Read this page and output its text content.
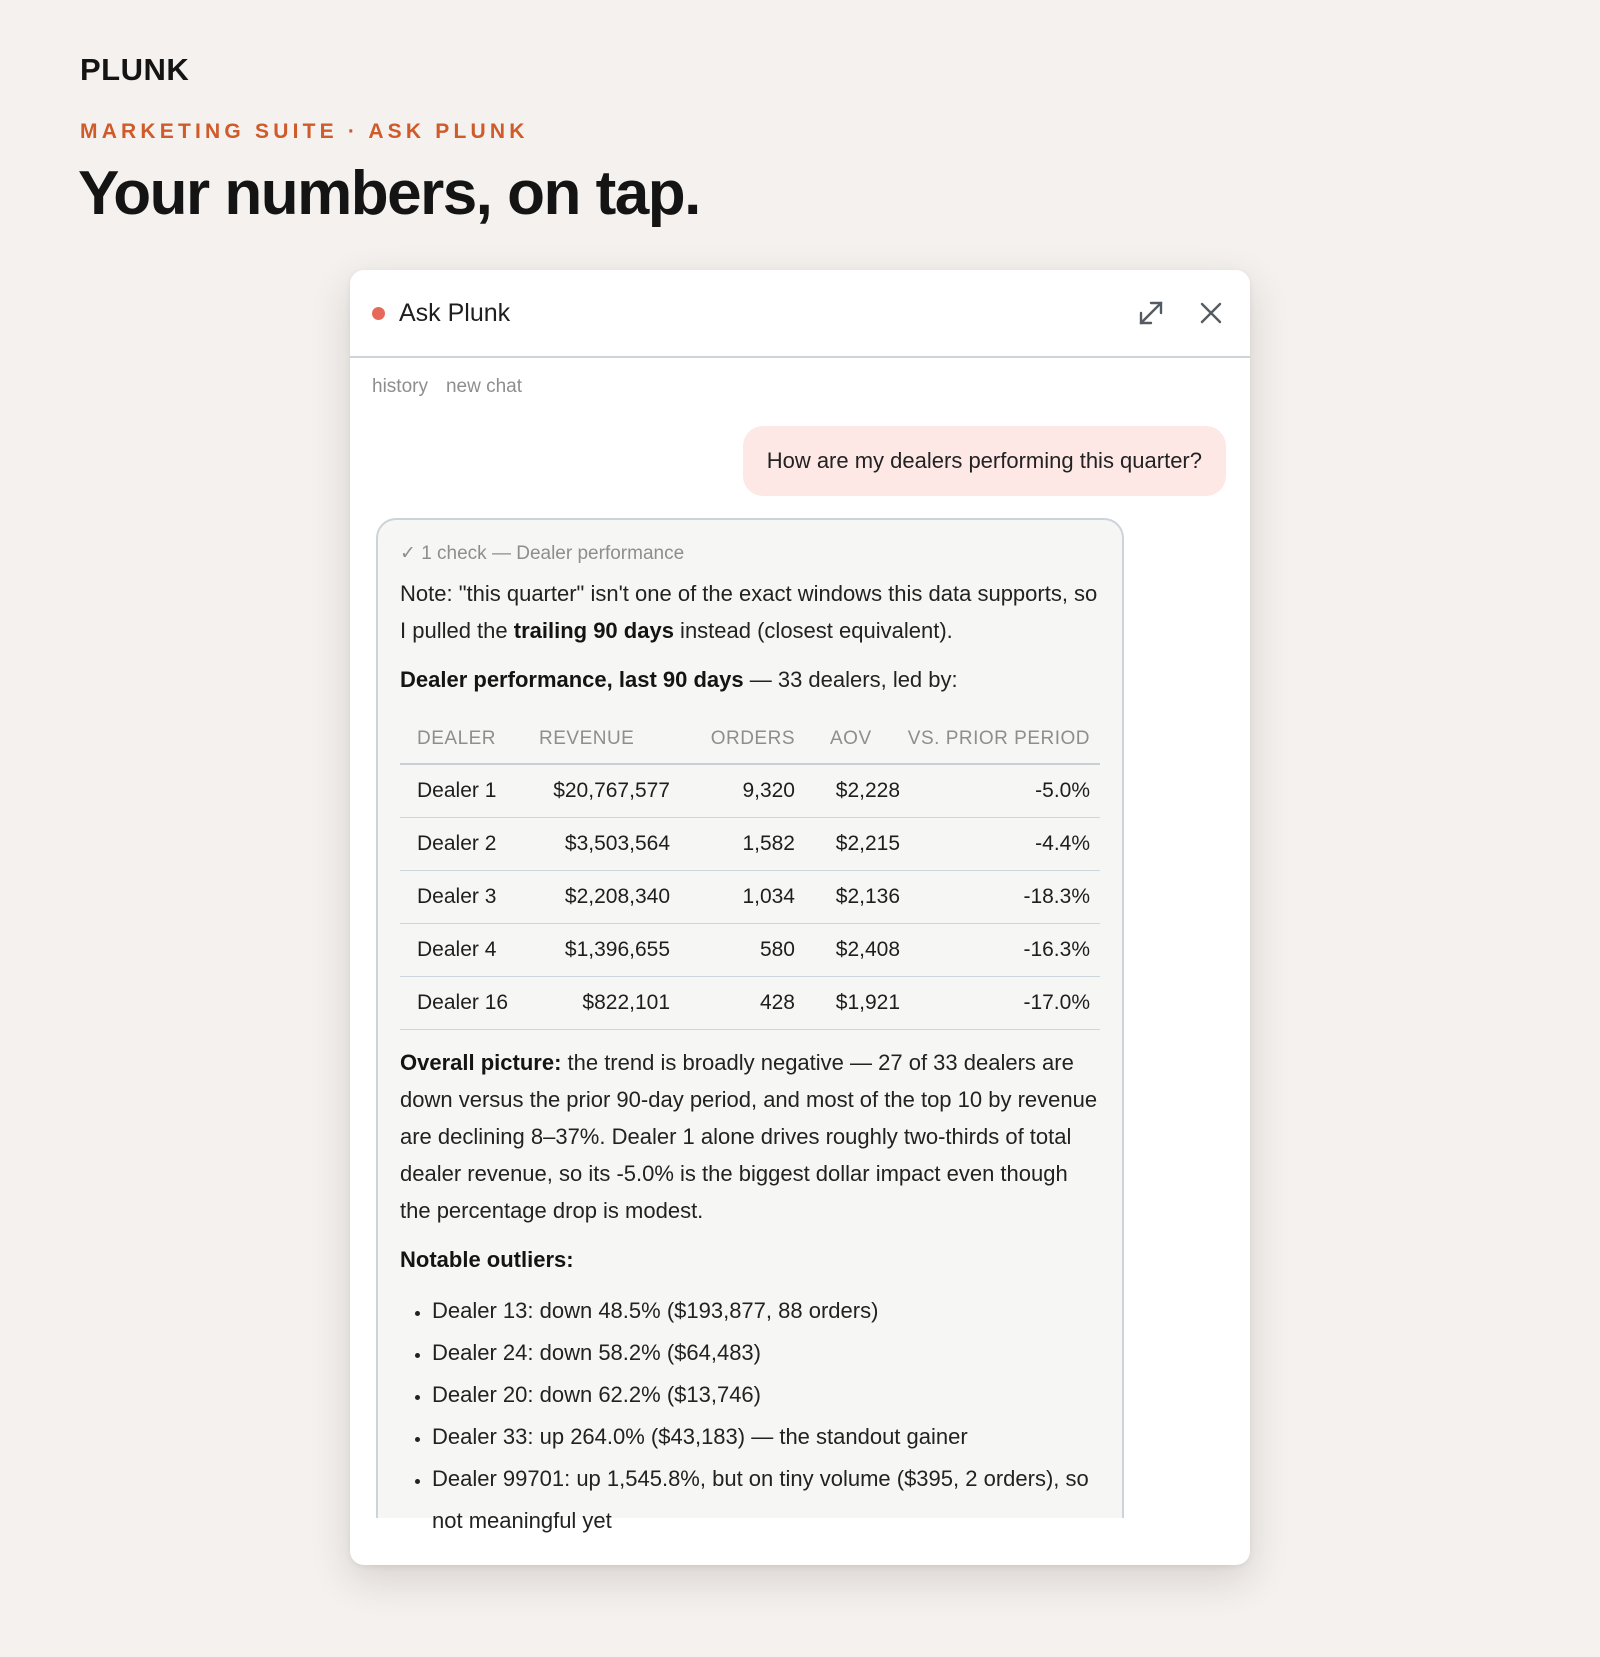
PLUNK
MARKETING SUITE · ASK PLUNK
Your numbers, on tap.
Ask Plunk
history new chat
How are my dealers performing this quarter?
✓ 1 check — Dealer performance

Note: "this quarter" isn't one of the exact windows this data supports, so I pulled the trailing 90 days instead (closest equivalent).

Dealer performance, last 90 days — 33 dealers, led by:

DEALER	REVENUE	ORDERS	AOV	VS. PRIOR PERIOD
Dealer 1	$20,767,577	9,320	$2,228	-5.0%
Dealer 2	$3,503,564	1,582	$2,215	-4.4%
Dealer 3	$2,208,340	1,034	$2,136	-18.3%
Dealer 4	$1,396,655	580	$2,408	-16.3%
Dealer 16	$822,101	428	$1,921	-17.0%

Overall picture: the trend is broadly negative — 27 of 33 dealers are down versus the prior 90-day period, and most of the top 10 by revenue are declining 8–37%. Dealer 1 alone drives roughly two-thirds of total dealer revenue, so its -5.0% is the biggest dollar impact even though the percentage drop is modest.

Notable outliers:

• Dealer 13: down 48.5% ($193,877, 88 orders)
• Dealer 24: down 58.2% ($64,483)
• Dealer 20: down 62.2% ($13,746)
• Dealer 33: up 264.0% ($43,183) — the standout gainer
• Dealer 99701: up 1,545.8%, but on tiny volume ($395, 2 orders), so not meaningful yet
